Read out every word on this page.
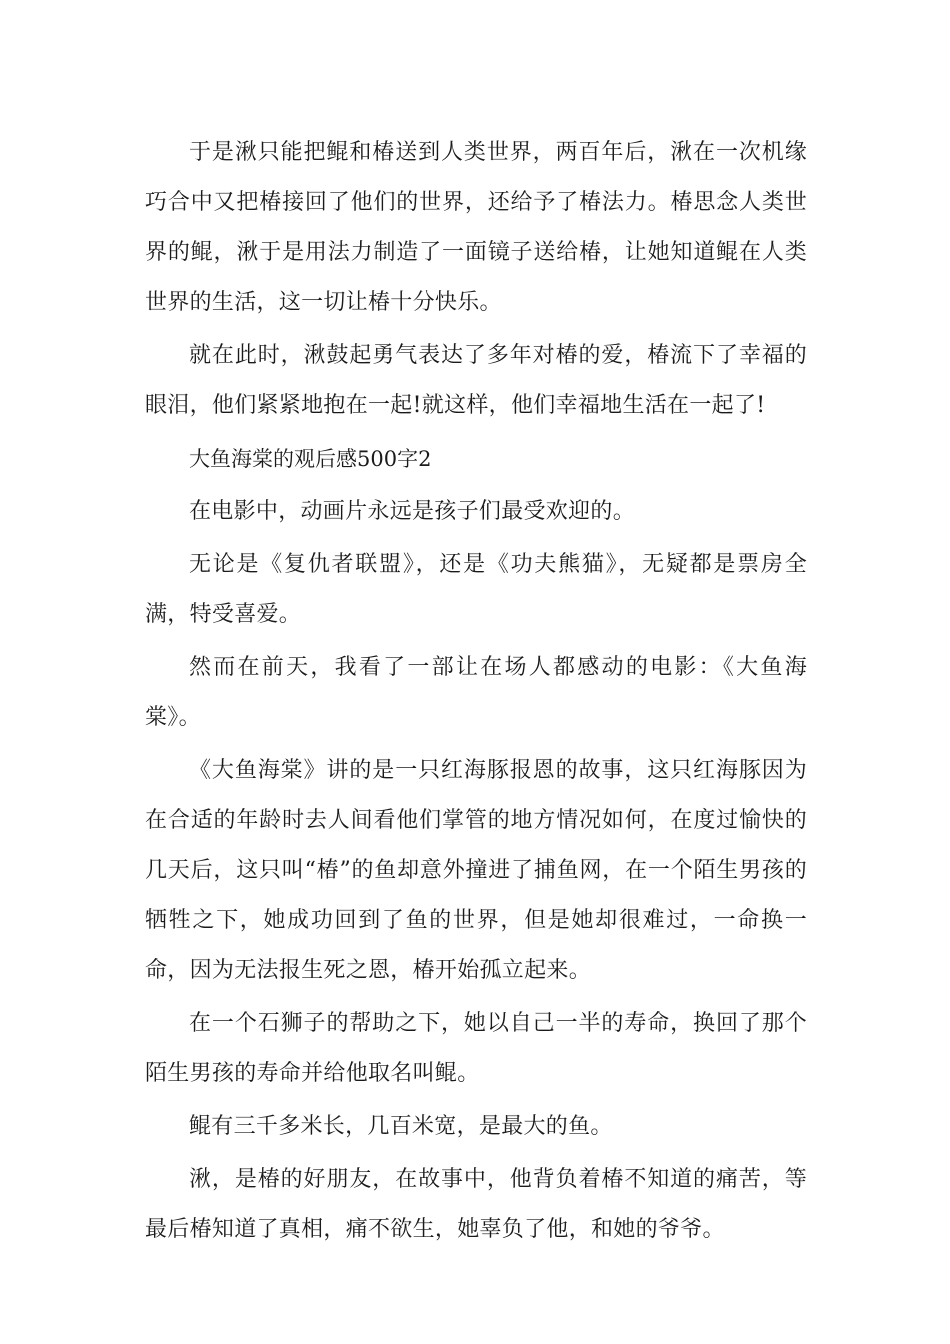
于是湫只能把鲲和椿送到人类世界，两百年后，湫在一次机缘巧合中又把椿接回了他们的世界，还给予了椿法力。椿思念人类世界的鲲，湫于是用法力制造了一面镜子送给椿，让她知道鲲在人类世界的生活，这一切让椿十分快乐。

就在此时，湫鼓起勇气表达了多年对椿的爱，椿流下了幸福的眼泪，他们紧紧地抱在一起!就这样，他们幸福地生活在一起了!

大鱼海棠的观后感500字2

在电影中，动画片永远是孩子们最受欢迎的。

无论是《复仇者联盟》，还是《功夫熊猫》，无疑都是票房全满，特受喜爱。

然而在前天，我看了一部让在场人都感动的电影：《大鱼海棠》。

《大鱼海棠》讲的是一只红海豚报恩的故事，这只红海豚因为在合适的年龄时去人间看他们掌管的地方情况如何，在度过愉快的几天后，这只叫“椿”的鱼却意外撞进了捕鱼网，在一个陌生男孩的牺牲之下，她成功回到了鱼的世界，但是她却很难过，一命换一命，因为无法报生死之恩，椿开始孤立起来。

在一个石狮子的帮助之下，她以自己一半的寿命，换回了那个陌生男孩的寿命并给他取名叫鲲。

鲲有三千多米长，几百米宽，是最大的鱼。

湫，是椿的好朋友，在故事中，他背负着椿不知道的痛苦，等最后椿知道了真相，痛不欲生，她辜负了他，和她的爷爷。
